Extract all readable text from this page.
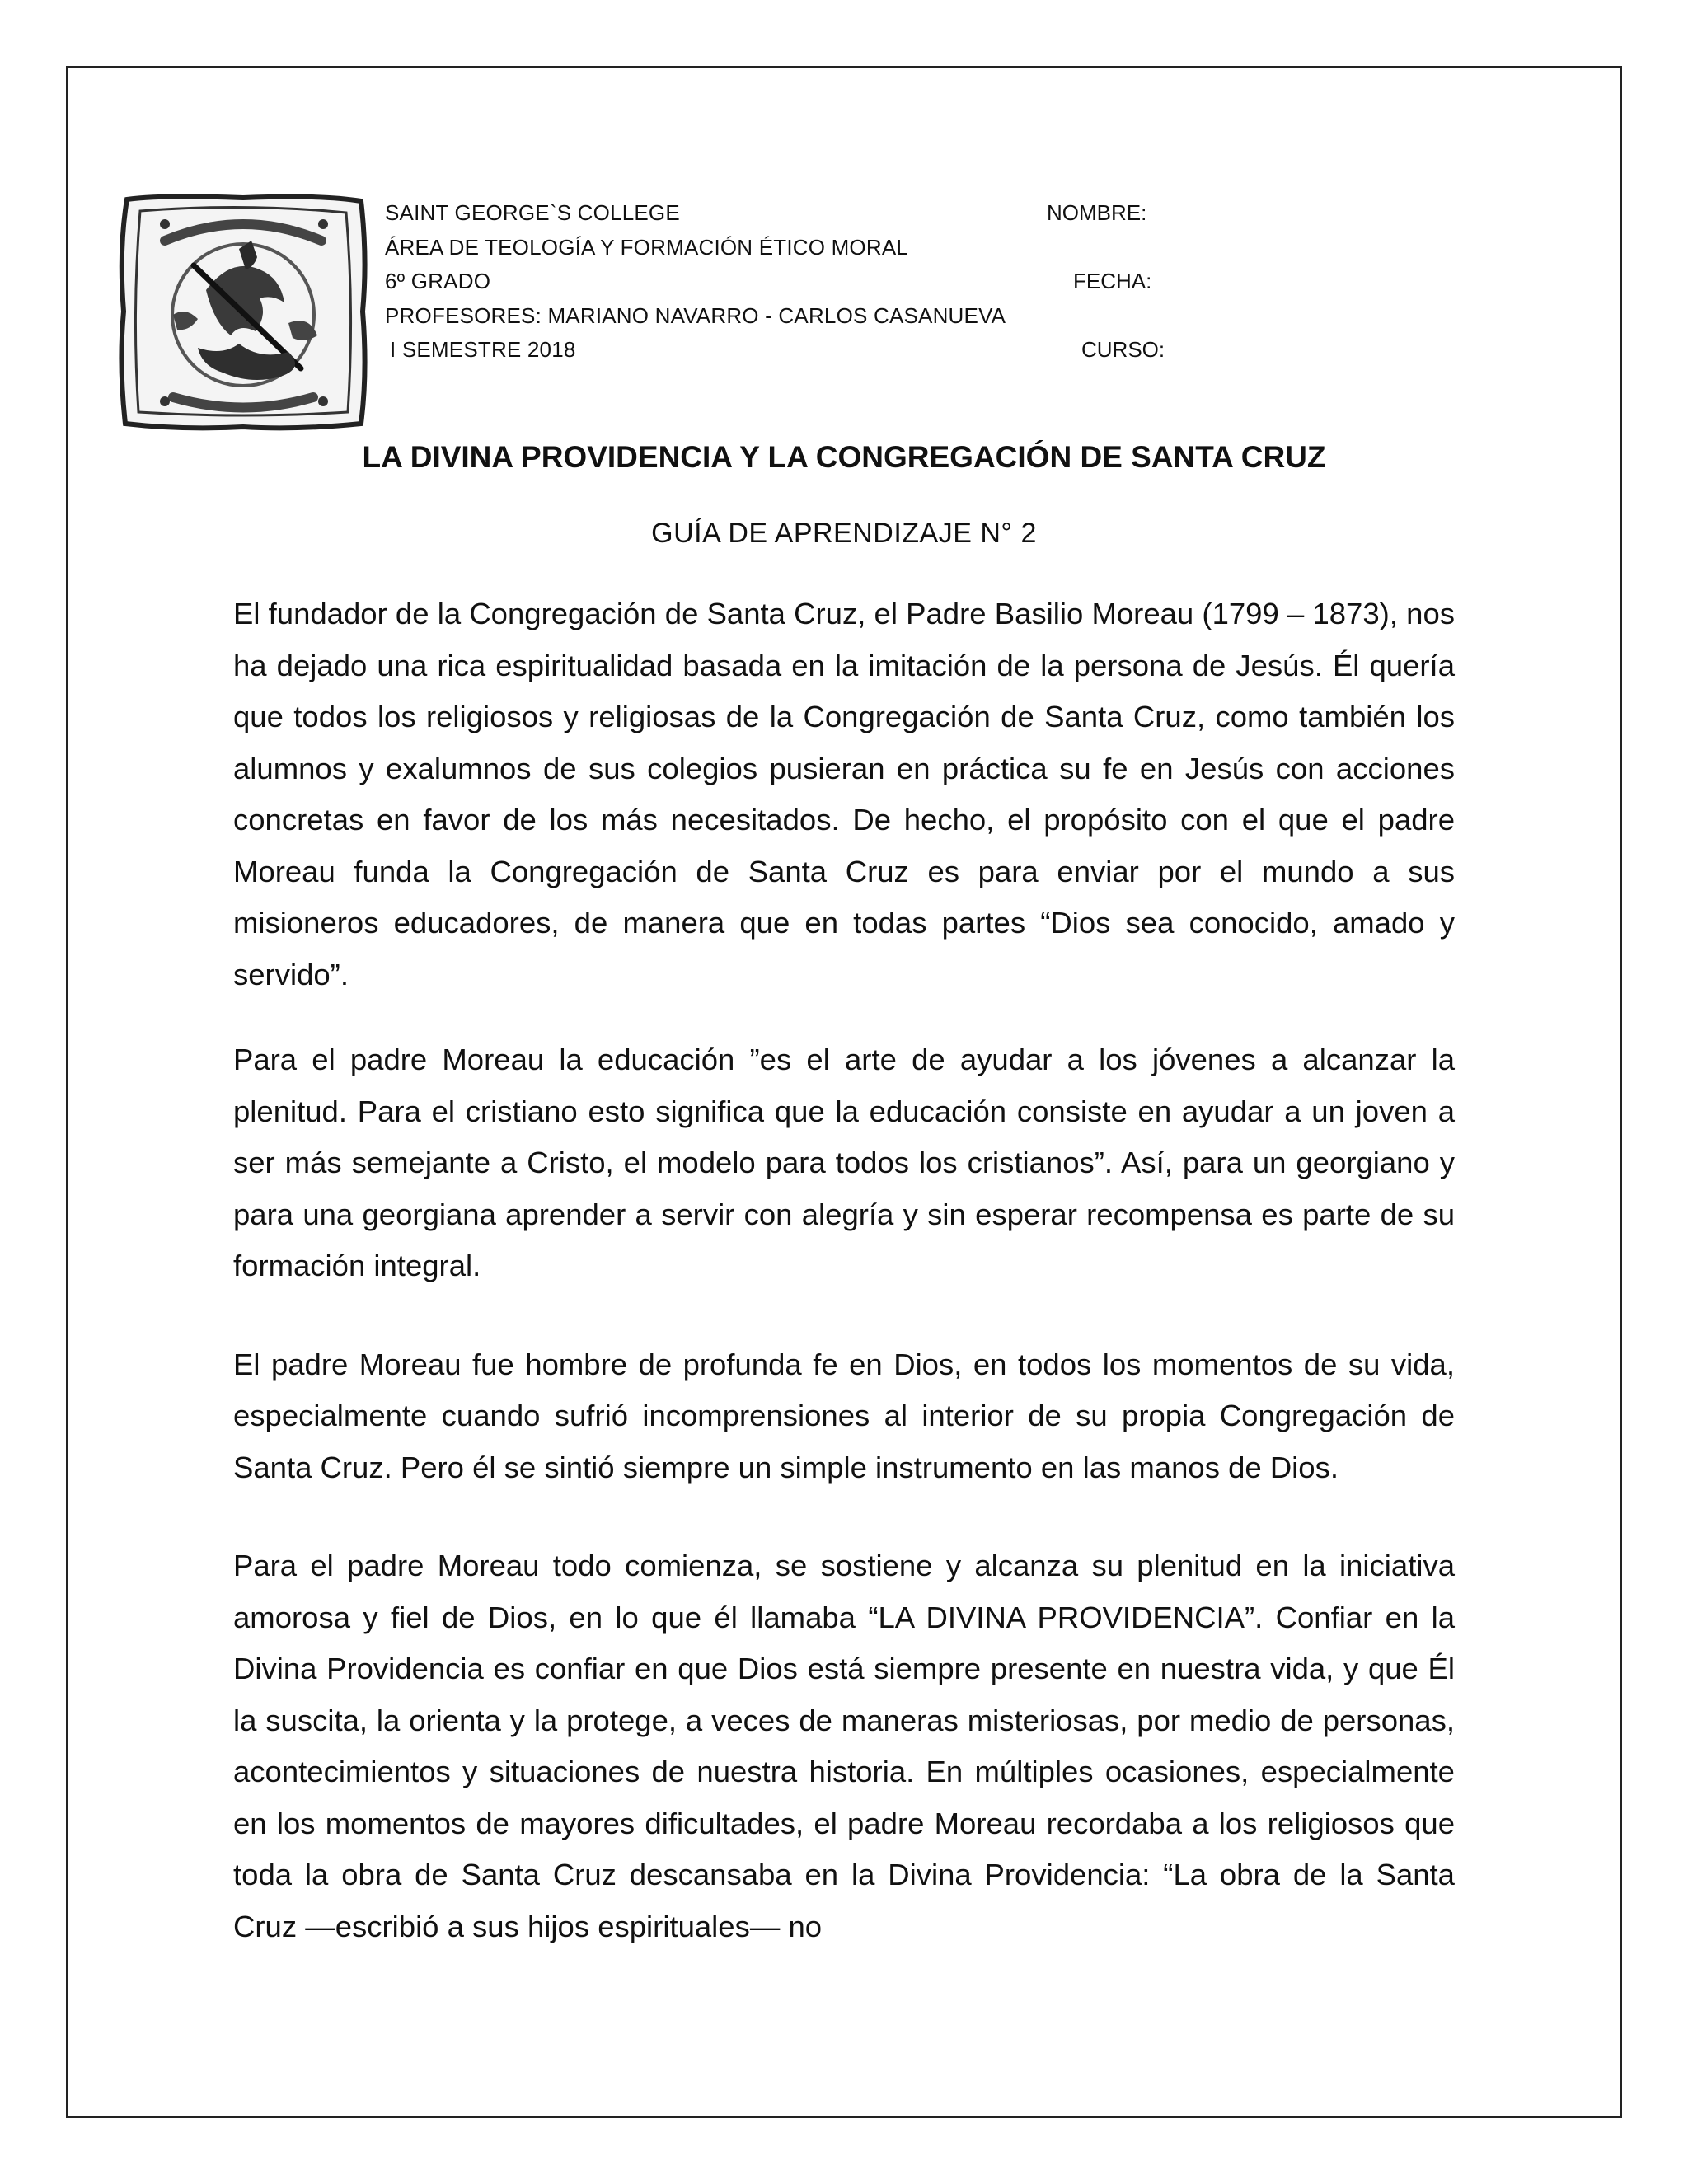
SAINT GEORGE`S COLLEGE
ÁREA DE TEOLOGÍA Y FORMACIÓN ÉTICO MORAL
6º GRADO
PROFESORES: MARIANO NAVARRO - CARLOS CASANUEVA
I SEMESTRE 2018
NOMBRE:
FECHA:
CURSO:
LA DIVINA PROVIDENCIA Y LA CONGREGACIÓN DE SANTA CRUZ
GUÍA DE APRENDIZAJE N° 2

El fundador de la Congregación de Santa Cruz, el Padre Basilio Moreau (1799 – 1873), nos ha dejado una rica espiritualidad basada en la imitación de la persona de Jesús. Él quería que todos los religiosos y religiosas de la Congregación de Santa Cruz, como también los alumnos y exalumnos de sus colegios pusieran en práctica su fe en Jesús con acciones concretas en favor de los más necesitados. De hecho, el propósito con el que el padre Moreau funda la Congregación de Santa Cruz es para enviar por el mundo a sus misioneros educadores, de manera que en todas partes “Dios sea conocido, amado y servido”.

Para el padre Moreau la educación ”es el arte de ayudar a los jóvenes a alcanzar la plenitud. Para el cristiano esto significa que la educación consiste en ayudar a un joven a ser más semejante a Cristo, el modelo para todos los cristianos”. Así, para un georgiano y para una georgiana aprender a servir con alegría y sin esperar recompensa es parte de su formación integral.

El padre Moreau fue hombre de profunda fe en Dios, en todos los momentos de su vida, especialmente cuando sufrió incomprensiones al interior de su propia Congregación de Santa Cruz. Pero él se sintió siempre un simple instrumento en las manos de Dios.

Para el padre Moreau todo comienza, se sostiene y alcanza su plenitud en la iniciativa amorosa y fiel de Dios, en lo que él llamaba “LA DIVINA PROVIDENCIA”. Confiar en la Divina Providencia es confiar en que Dios está siempre presente en nuestra vida, y que Él la suscita, la orienta y la protege, a veces de maneras misteriosas, por medio de personas, acontecimientos y situaciones de nuestra historia. En múltiples ocasiones, especialmente en los momentos de mayores dificultades, el padre Moreau recordaba a los religiosos que toda la obra de Santa Cruz descansaba en la Divina Providencia: “La obra de la Santa Cruz —escribió a sus hijos espirituales— no
